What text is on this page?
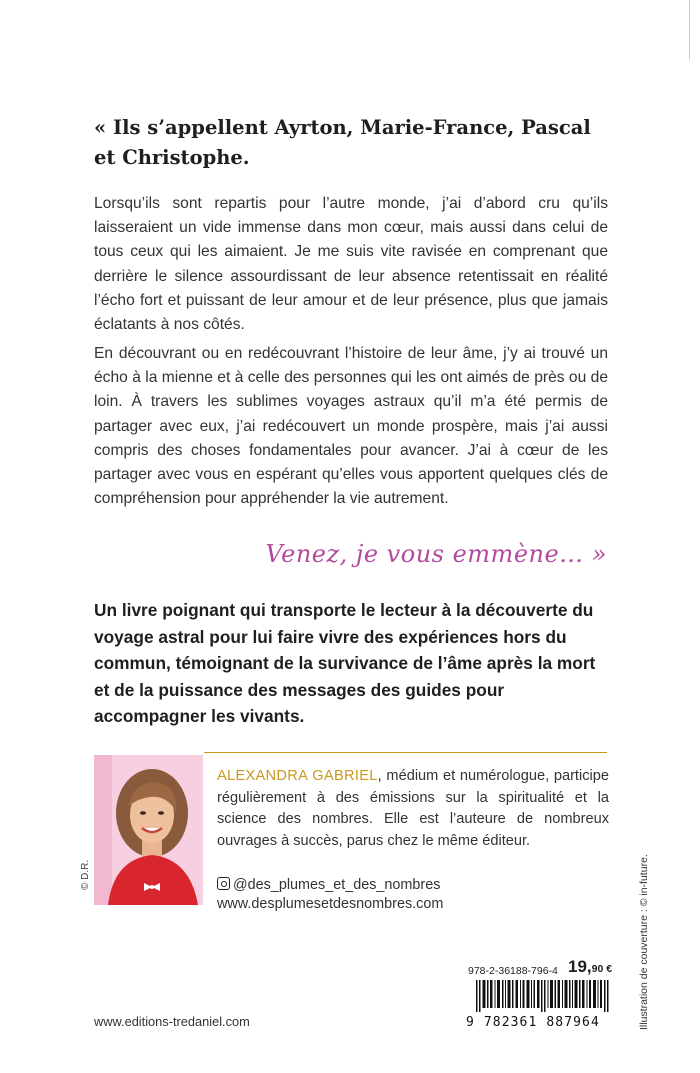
« Ils s’appellent Ayrton, Marie-France, Pascal et Christophe.

Lorsqu’ils sont repartis pour l’autre monde, j’ai d’abord cru qu’ils laisseraient un vide immense dans mon cœur, mais aussi dans celui de tous ceux qui les aimaient. Je me suis vite ravisée en comprenant que derrière le silence assourdissant de leur absence retentissait en réalité l’écho fort et puissant de leur amour et de leur présence, plus que jamais éclatants à nos côtés.

En découvrant ou en redécouvrant l’histoire de leur âme, j’y ai trouvé un écho à la mienne et à celle des personnes qui les ont aimés de près ou de loin. À travers les sublimes voyages astraux qu’il m’a été permis de partager avec eux, j’ai redécouvert un monde prospère, mais j’ai aussi compris des choses fondamentales pour avancer. J’ai à cœur de les partager avec vous en espérant qu’elles vous apportent quelques clés de compréhension pour appréhender la vie autrement.

Venez, je vous emmène… »

Un livre poignant qui transporte le lecteur à la découverte du voyage astral pour lui faire vivre des expériences hors du commun, témoignant de la survivance de l’âme après la mort et de la puissance des messages des guides pour accompagner les vivants.

© D.R.

ALEXANDRA GABRIEL, médium et numérologue, participe régulièrement à des émissions sur la spiritualité et la science des nombres. Elle est l’auteure de nombreux ouvrages à succès, parus chez le même éditeur.

@des_plumes_et_des_nombres

www.desplumesetdesnombres.com

978-2-36188-796-4 19,90 €

9 782361 887964

www.editions-tredaniel.com	Illustration de couverture : © in-future.
